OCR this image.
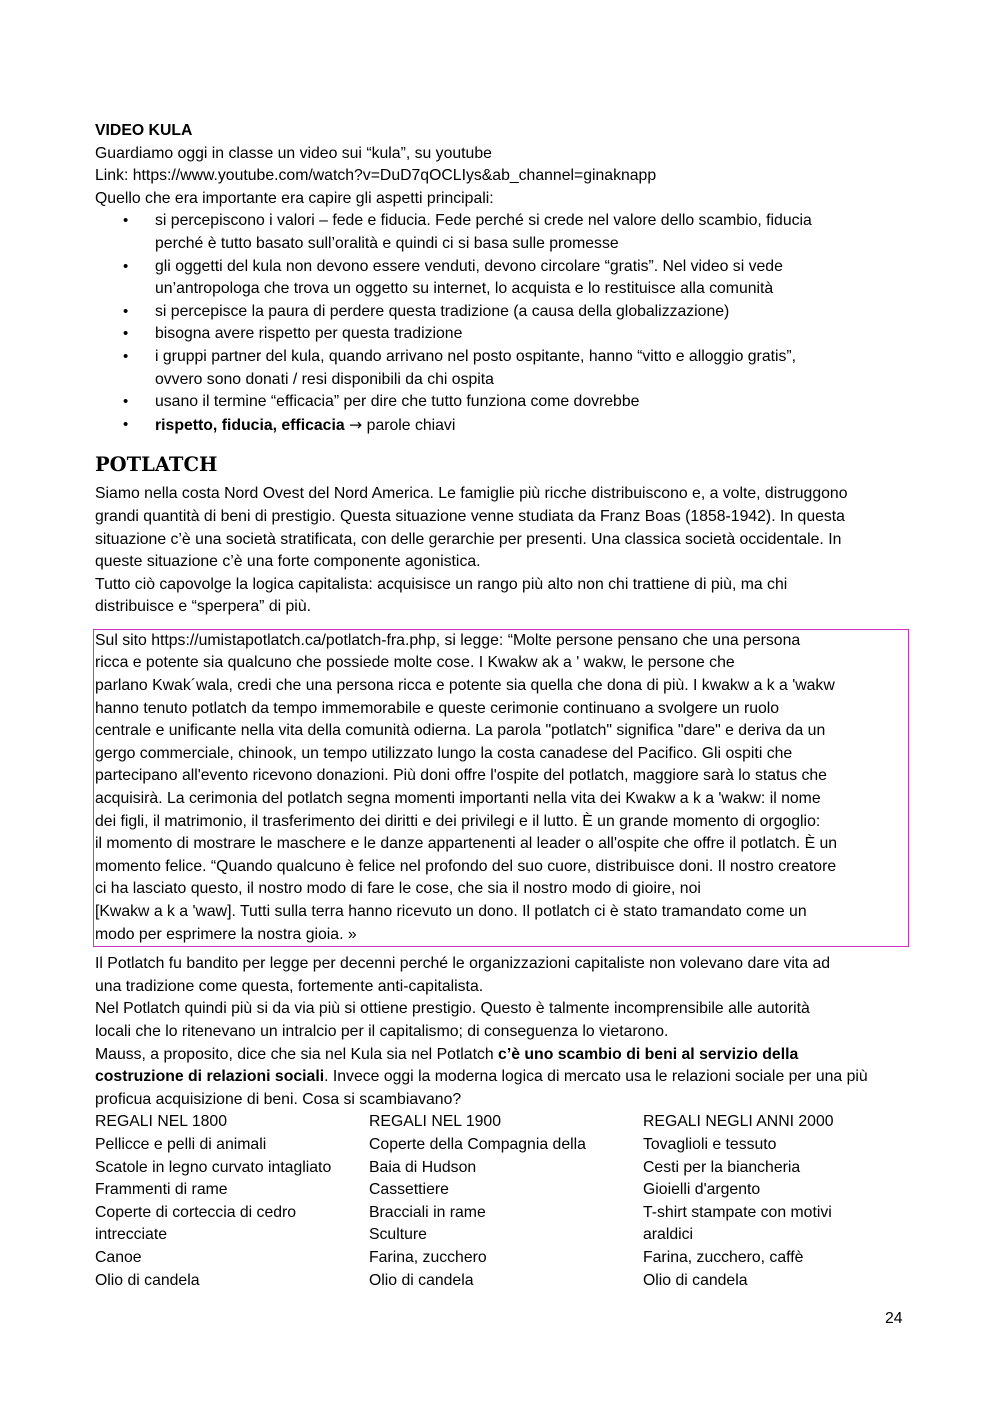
VIDEO KULA
Guardiamo oggi in classe un video sui “kula”, su youtube
Link: https://www.youtube.com/watch?v=DuD7qOCLIys&ab_channel=ginaknapp
Quello che era importante era capire gli aspetti principali:
• si percepiscono i valori – fede e fiducia. Fede perché si crede nel valore dello scambio, fiducia
perché è tutto basato sull’oralità e quindi ci si basa sulle promesse
• gli oggetti del kula non devono essere venduti, devono circolare “gratis”. Nel video si vede
un’antropologa che trova un oggetto su internet, lo acquista e lo restituisce alla comunità
• si percepisce la paura di perdere questa tradizione (a causa della globalizzazione)
• bisogna avere rispetto per questa tradizione
• i gruppi partner del kula, quando arrivano nel posto ospitante, hanno “vitto e alloggio gratis”,
ovvero sono donati / resi disponibili da chi ospita
• usano il termine “efficacia” per dire che tutto funziona come dovrebbe
• rispetto, fiducia, efficacia → parole chiavi
POTLATCH
Siamo nella costa Nord Ovest del Nord America. Le famiglie più ricche distribuiscono e, a volte, distruggono
grandi quantità di beni di prestigio. Questa situazione venne studiata da Franz Boas (1858-1942). In questa
situazione c’è una società stratificata, con delle gerarchie per presenti. Una classica società occidentale. In
queste situazione c’è una forte componente agonistica.
Tutto ciò capovolge la logica capitalista: acquisisce un rango più alto non chi trattiene di più, ma chi
distribuisce e “sperpera” di più.
Sul sito https://umistapotlatch.ca/potlatch-fra.php, si legge: “Molte persone pensano che una persona
ricca e potente sia qualcuno che possiede molte cose. I Kwakw ak a ' wakw, le persone che
parlano Kwak´wala, credi che una persona ricca e potente sia quella che dona di più. I kwakw a k a 'wakw
hanno tenuto potlatch da tempo immemorabile e queste cerimonie continuano a svolgere un ruolo
centrale e unificante nella vita della comunità odierna. La parola "potlatch" significa "dare" e deriva da un
gergo commerciale, chinook, un tempo utilizzato lungo la costa canadese del Pacifico. Gli ospiti che
partecipano all'evento ricevono donazioni. Più doni offre l'ospite del potlatch, maggiore sarà lo status che
acquisirà. La cerimonia del potlatch segna momenti importanti nella vita dei Kwakw a k a 'wakw: il nome
dei figli, il matrimonio, il trasferimento dei diritti e dei privilegi e il lutto. È un grande momento di orgoglio:
il momento di mostrare le maschere e le danze appartenenti al leader o all'ospite che offre il potlatch. È un
momento felice. “Quando qualcuno è felice nel profondo del suo cuore, distribuisce doni. Il nostro creatore
ci ha lasciato questo, il nostro modo di fare le cose, che sia il nostro modo di gioire, noi
[Kwakw a k a 'waw]. Tutti sulla terra hanno ricevuto un dono. Il potlatch ci è stato tramandato come un
modo per esprimere la nostra gioia. »
Il Potlatch fu bandito per legge per decenni perché le organizzazioni capitaliste non volevano dare vita ad
una tradizione come questa, fortemente anti-capitalista.
Nel Potlatch quindi più si da via più si ottiene prestigio. Questo è talmente incomprensibile alle autorità
locali che lo ritenevano un intralcio per il capitalismo; di conseguenza lo vietarono.
Mauss, a proposito, dice che sia nel Kula sia nel Potlatch c’è uno scambio di beni al servizio della
costruzione di relazioni sociali. Invece oggi la moderna logica di mercato usa le relazioni sociale per una più
proficua acquisizione di beni. Cosa si scambiavano?
REGALI NEL 1800
Pellicce e pelli di animali
Scatole in legno curvato intagliato
Frammenti di rame
Coperte di corteccia di cedro
intrecciate
Canoe
Olio di candela
REGALI NEL 1900
Coperte della Compagnia della
Baia di Hudson
Cassettiere
Bracciali in rame
Sculture
Farina, zucchero
Olio di candela
REGALI NEGLI ANNI 2000
Tovaglioli e tessuto
Cesti per la biancheria
Gioielli d'argento
T-shirt stampate con motivi
araldici
Farina, zucchero, caffè
Olio di candela
24
